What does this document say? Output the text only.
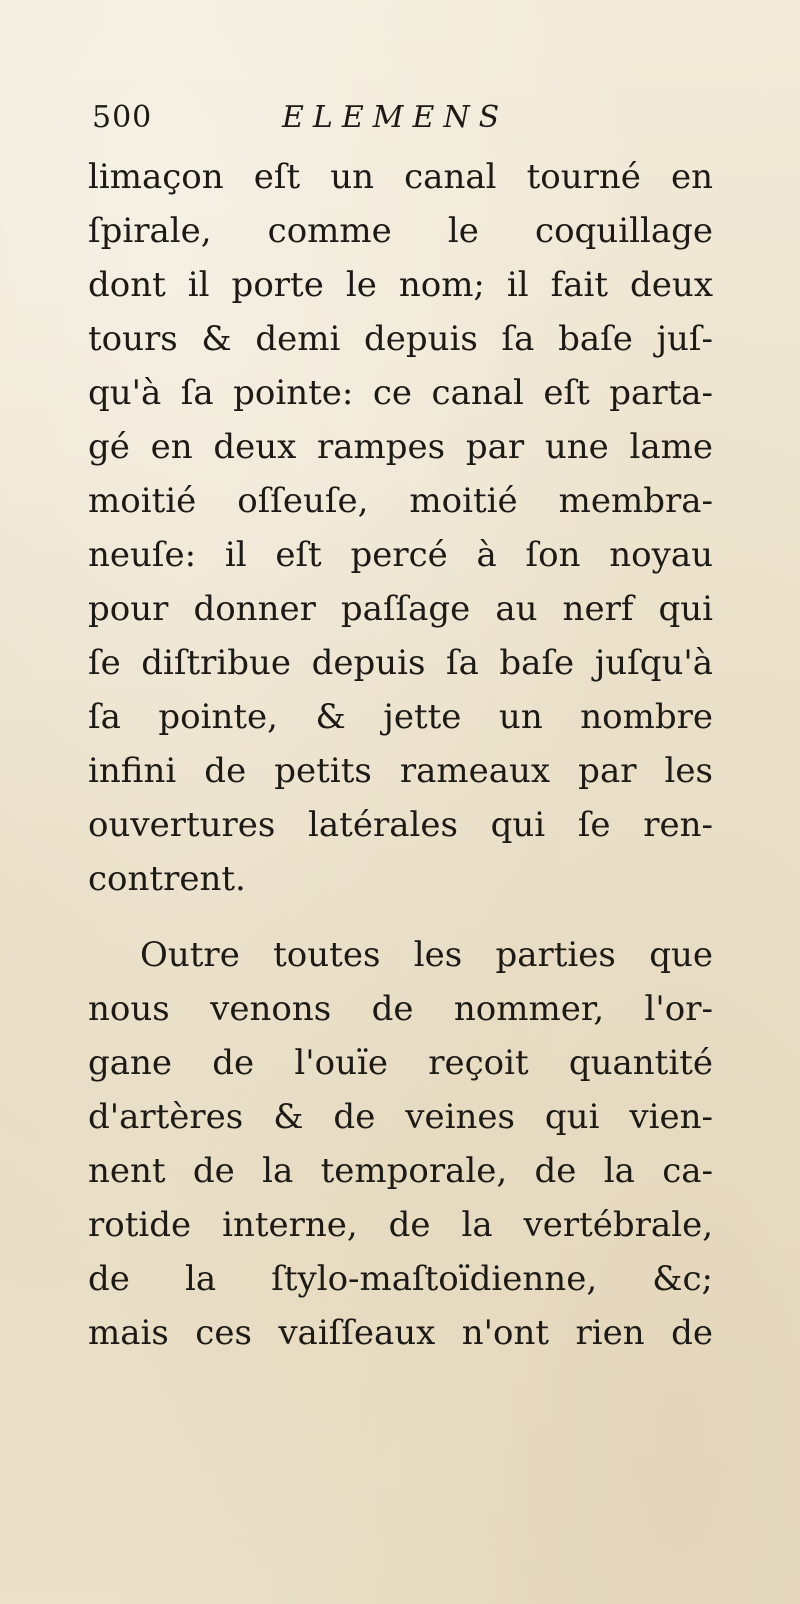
500	ELEMENS
limaçon eſt un canal tourné en
ſpirale, comme le coquillage
dont il porte le nom; il fait deux
tours & demi depuis ſa baſe juſ-
qu'à ſa pointe: ce canal eſt parta-
gé en deux rampes par une lame
moitié oſſeuſe, moitié membra-
neuſe: il eſt percé à ſon noyau
pour donner paſſage au nerf qui
ſe diſtribue depuis ſa baſe juſqu'à
ſa pointe, & jette un nombre
infini de petits rameaux par les
ouvertures latérales qui ſe ren-
contrent.
Outre toutes les parties que
nous venons de nommer, l'or-
gane de l'ouïe reçoit quantité
d'artères & de veines qui vien-
nent de la temporale, de la ca-
rotide interne, de la vertébrale,
de la ſtylo-maſtoïdienne, &c;
mais ces vaiſſeaux n'ont rien de
